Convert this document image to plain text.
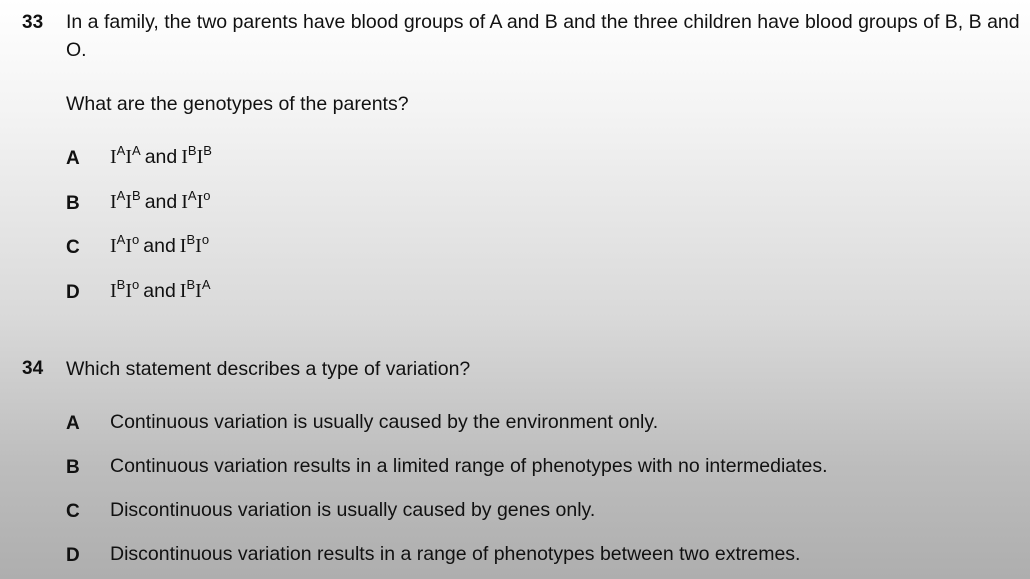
33 In a family, the two parents have blood groups of A and B and the three children have blood groups of B, B and O.
What are the genotypes of the parents?
A $I^AI^A$ and $I^BI^B$
B $I^AI^B$ and $I^AI^o$
C $I^AI^o$ and $I^BI^o$
D $I^BI^o$ and $I^BI^A$
34 Which statement describes a type of variation?
A Continuous variation is usually caused by the environment only.
B Continuous variation results in a limited range of phenotypes with no intermediates.
C Discontinuous variation is usually caused by genes only.
D Discontinuous variation results in a range of phenotypes between two extremes.
